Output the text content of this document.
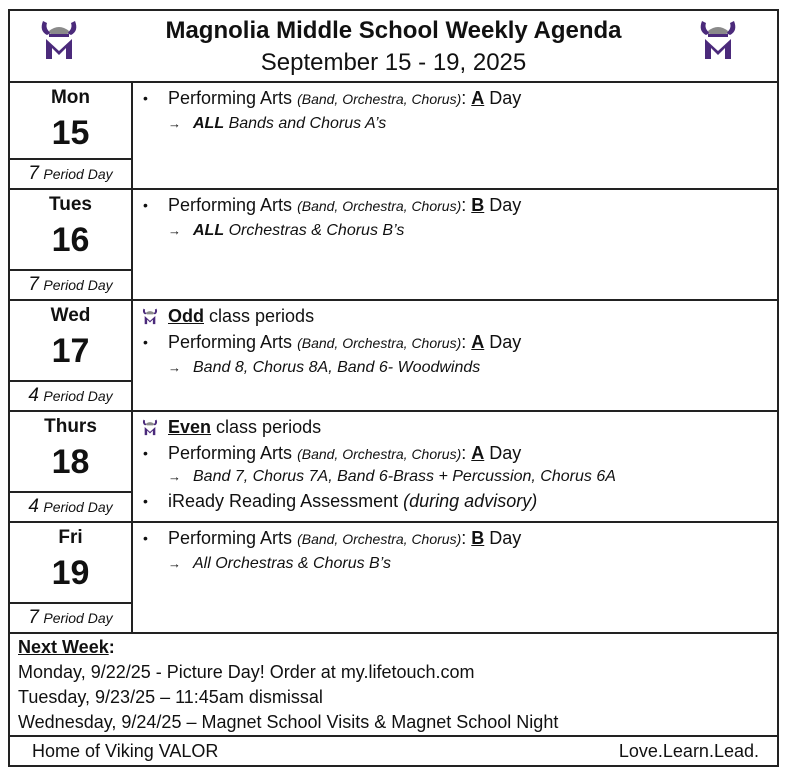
Magnolia Middle School Weekly Agenda
September 15 - 19, 2025
Mon
15
7 Period Day
• Performing Arts (Band, Orchestra, Chorus): A Day
→ ALL Bands and Chorus A’s
Tues
16
7 Period Day
• Performing Arts (Band, Orchestra, Chorus): B Day
→ ALL Orchestras & Chorus B’s
Wed
17
4 Period Day
Odd class periods
• Performing Arts (Band, Orchestra, Chorus): A Day
→ Band 8, Chorus 8A, Band 6- Woodwinds
Thurs
18
4 Period Day
Even class periods
• Performing Arts (Band, Orchestra, Chorus): A Day
→ Band 7, Chorus 7A, Band 6-Brass + Percussion, Chorus 6A
• iReady Reading Assessment (during advisory)
Fri
19
7 Period Day
• Performing Arts (Band, Orchestra, Chorus): B Day
→ All Orchestras & Chorus B’s
Next Week:
Monday, 9/22/25 - Picture Day! Order at my.lifetouch.com
Tuesday, 9/23/25 – 11:45am dismissal
Wednesday, 9/24/25 – Magnet School Visits & Magnet School Night
Home of Viking VALOR	Love.Learn.Lead.
